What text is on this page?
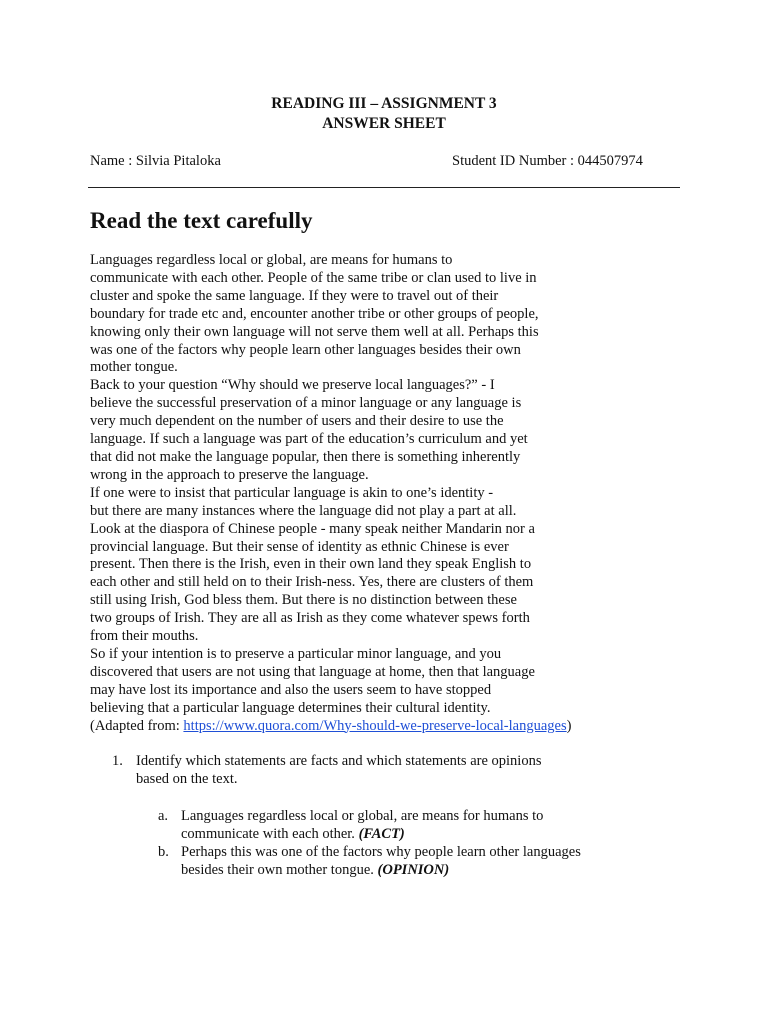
READING III – ASSIGNMENT 3
ANSWER SHEET
Name : Silvia Pitaloka	Student ID Number : 044507974
Read the text carefully
Languages regardless local or global, are means for humans to
communicate with each other. People of the same tribe or clan used to live in
cluster and spoke the same language. If they were to travel out of their
boundary for trade etc and, encounter another tribe or other groups of people,
knowing only their own language will not serve them well at all. Perhaps this
was one of the factors why people learn other languages besides their own
mother tongue.
Back to your question “Why should we preserve local languages?” - I
believe the successful preservation of a minor language or any language is
very much dependent on the number of users and their desire to use the
language. If such a language was part of the education’s curriculum and yet
that did not make the language popular, then there is something inherently
wrong in the approach to preserve the language.
If one were to insist that particular language is akin to one’s identity -
but there are many instances where the language did not play a part at all.
Look at the diaspora of Chinese people - many speak neither Mandarin nor a
provincial language. But their sense of identity as ethnic Chinese is ever
present. Then there is the Irish, even in their own land they speak English to
each other and still held on to their Irish-ness. Yes, there are clusters of them
still using Irish, God bless them. But there is no distinction between these
two groups of Irish. They are all as Irish as they come whatever spews forth
from their mouths.
So if your intention is to preserve a particular minor language, and you
discovered that users are not using that language at home, then that language
may have lost its importance and also the users seem to have stopped
believing that a particular language determines their cultural identity.
(Adapted from: https://www.quora.com/Why-should-we-preserve-local-languages)
1. Identify which statements are facts and which statements are opinions
based on the text.
a. Languages regardless local or global, are means for humans to
communicate with each other. (FACT)
b. Perhaps this was one of the factors why people learn other languages
besides their own mother tongue. (OPINION)
